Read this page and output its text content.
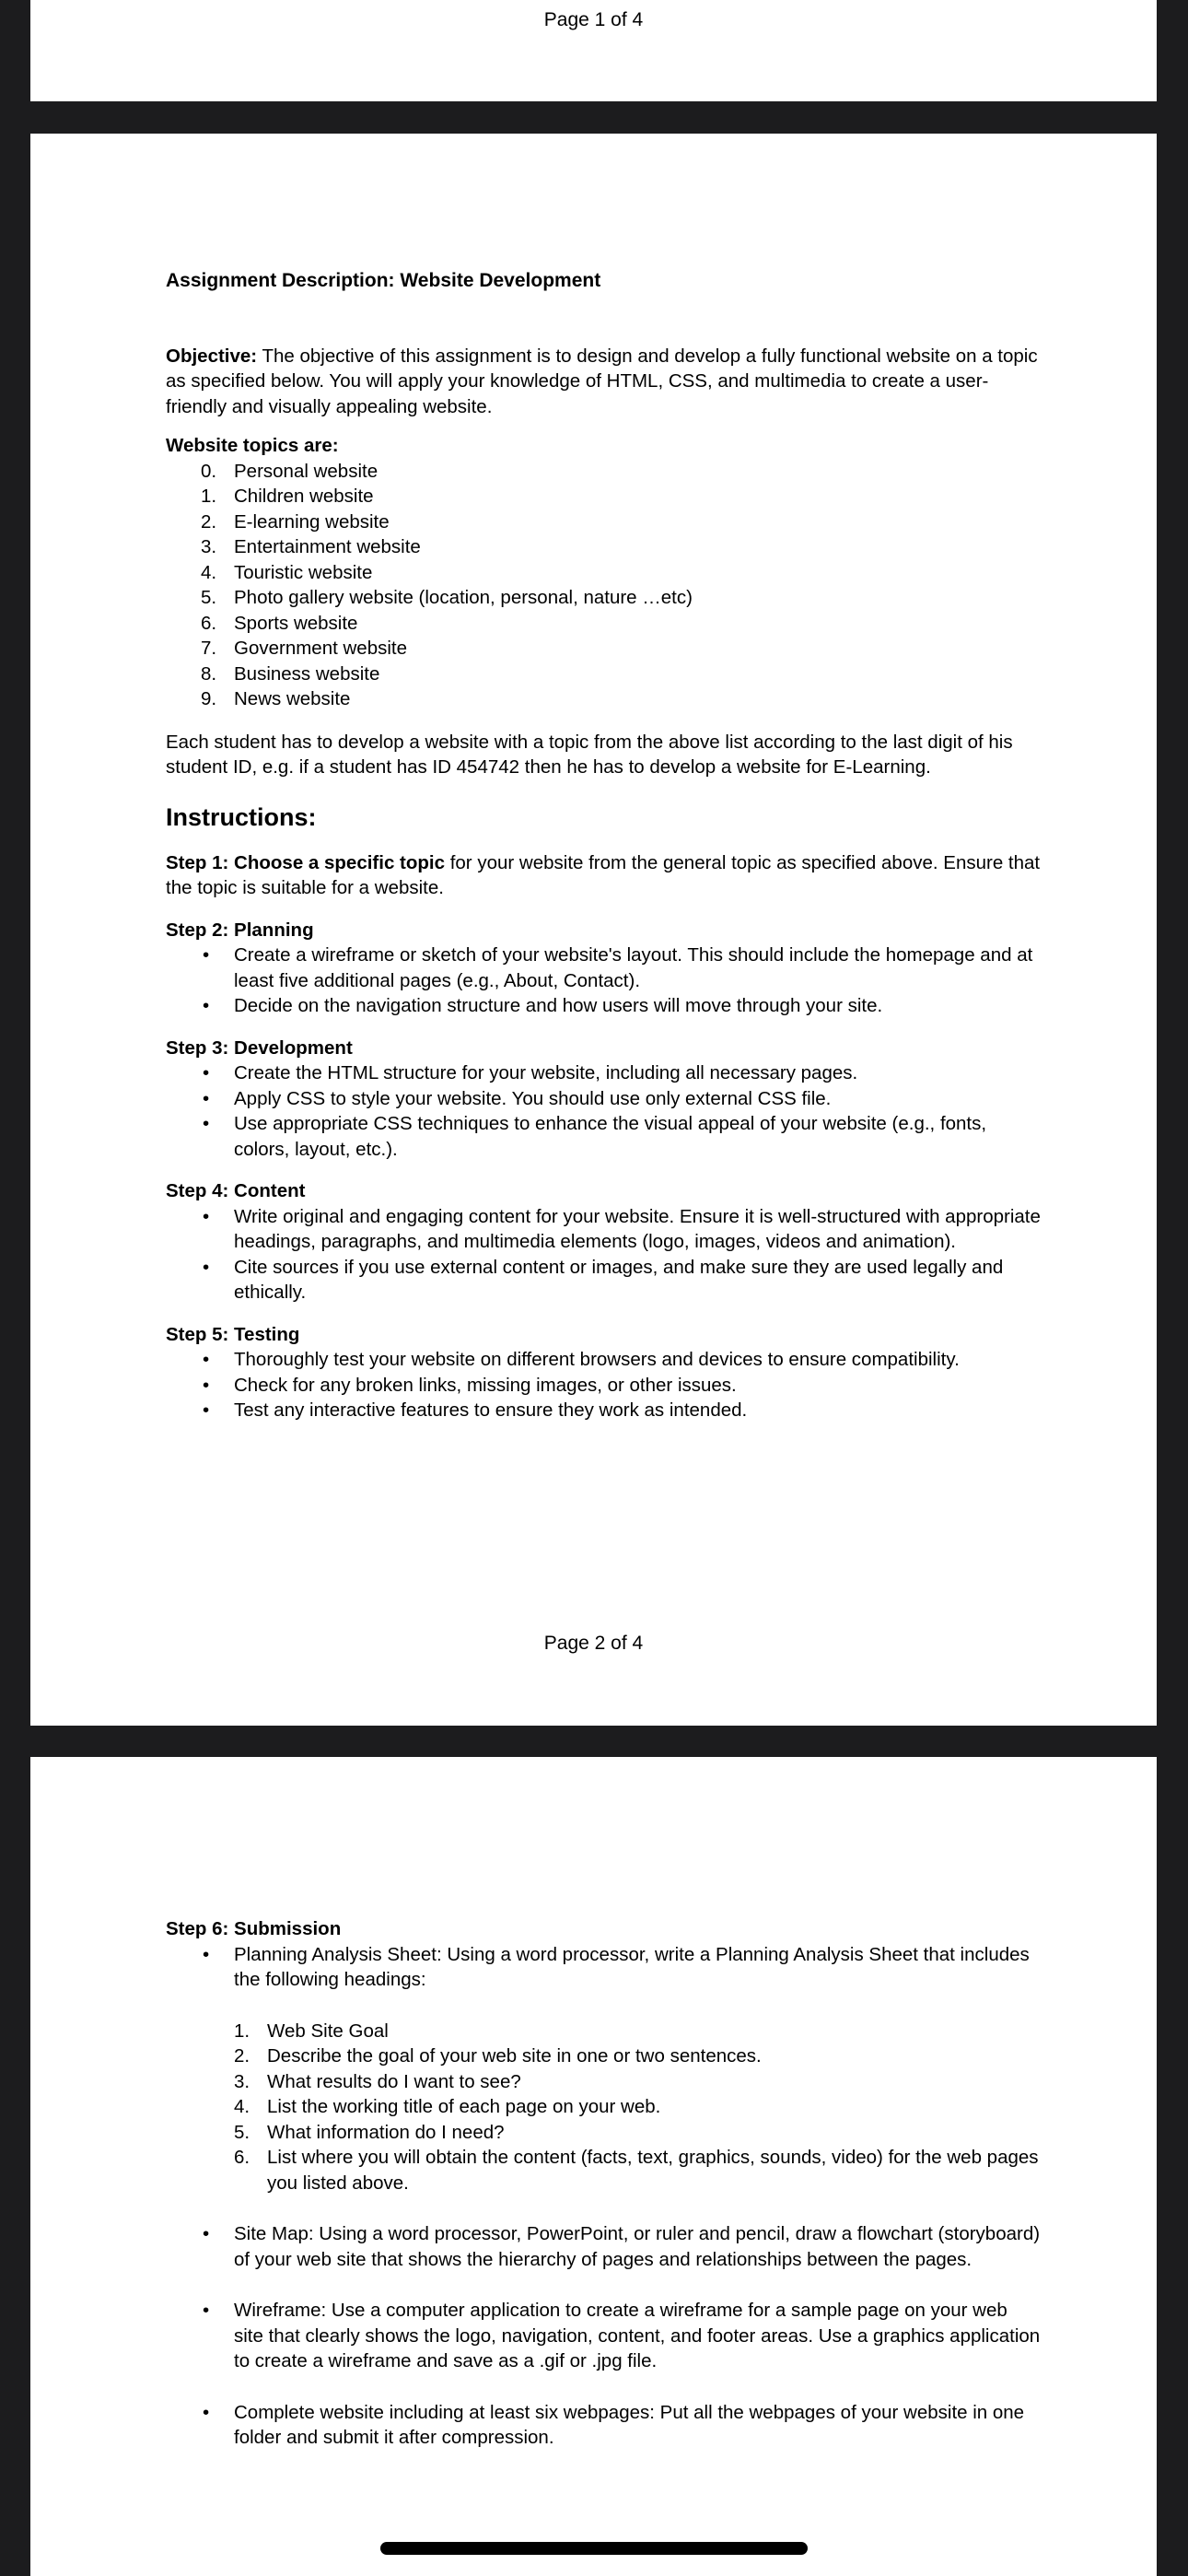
Page 1 of 4

Assignment Description: Website Development

Objective: The objective of this assignment is to design and develop a fully functional website on a topic as specified below. You will apply your knowledge of HTML, CSS, and multimedia to create a user-friendly and visually appealing website.

Website topics are:

0. Personal website
1. Children website
2. E-learning website
3. Entertainment website
4. Touristic website
5. Photo gallery website (location, personal, nature …etc)
6. Sports website
7. Government website
8. Business website
9. News website

Each student has to develop a website with a topic from the above list according to the last digit of his student ID, e.g. if a student has ID 454742 then he has to develop a website for E-Learning.

Instructions:

Step 1: Choose a specific topic for your website from the general topic as specified above. Ensure that the topic is suitable for a website.

Step 2: Planning

• Create a wireframe or sketch of your website's layout. This should include the homepage and at least five additional pages (e.g., About, Contact).
• Decide on the navigation structure and how users will move through your site.

Step 3: Development

• Create the HTML structure for your website, including all necessary pages.
• Apply CSS to style your website. You should use only external CSS file.
• Use appropriate CSS techniques to enhance the visual appeal of your website (e.g., fonts, colors, layout, etc.).

Step 4: Content

• Write original and engaging content for your website. Ensure it is well-structured with appropriate headings, paragraphs, and multimedia elements (logo, images, videos and animation).
• Cite sources if you use external content or images, and make sure they are used legally and ethically.

Step 5: Testing

• Thoroughly test your website on different browsers and devices to ensure compatibility.
• Check for any broken links, missing images, or other issues.
• Test any interactive features to ensure they work as intended.
Page 2 of 4

Step 6: Submission

• Planning Analysis Sheet: Using a word processor, write a Planning Analysis Sheet that includes the following headings:
1. Web Site Goal
2. Describe the goal of your web site in one or two sentences.
3. What results do I want to see?
4. List the working title of each page on your web.
5. What information do I need?
6. List where you will obtain the content (facts, text, graphics, sounds, video) for the web pages you listed above.
• Site Map: Using a word processor, PowerPoint, or ruler and pencil, draw a flowchart (storyboard) of your web site that shows the hierarchy of pages and relationships between the pages.
• Wireframe: Use a computer application to create a wireframe for a sample page on your web site that clearly shows the logo, navigation, content, and footer areas. Use a graphics application to create a wireframe and save as a .gif or .jpg file.
• Complete website including at least six webpages: Put all the webpages of your website in one folder and submit it after compression.
